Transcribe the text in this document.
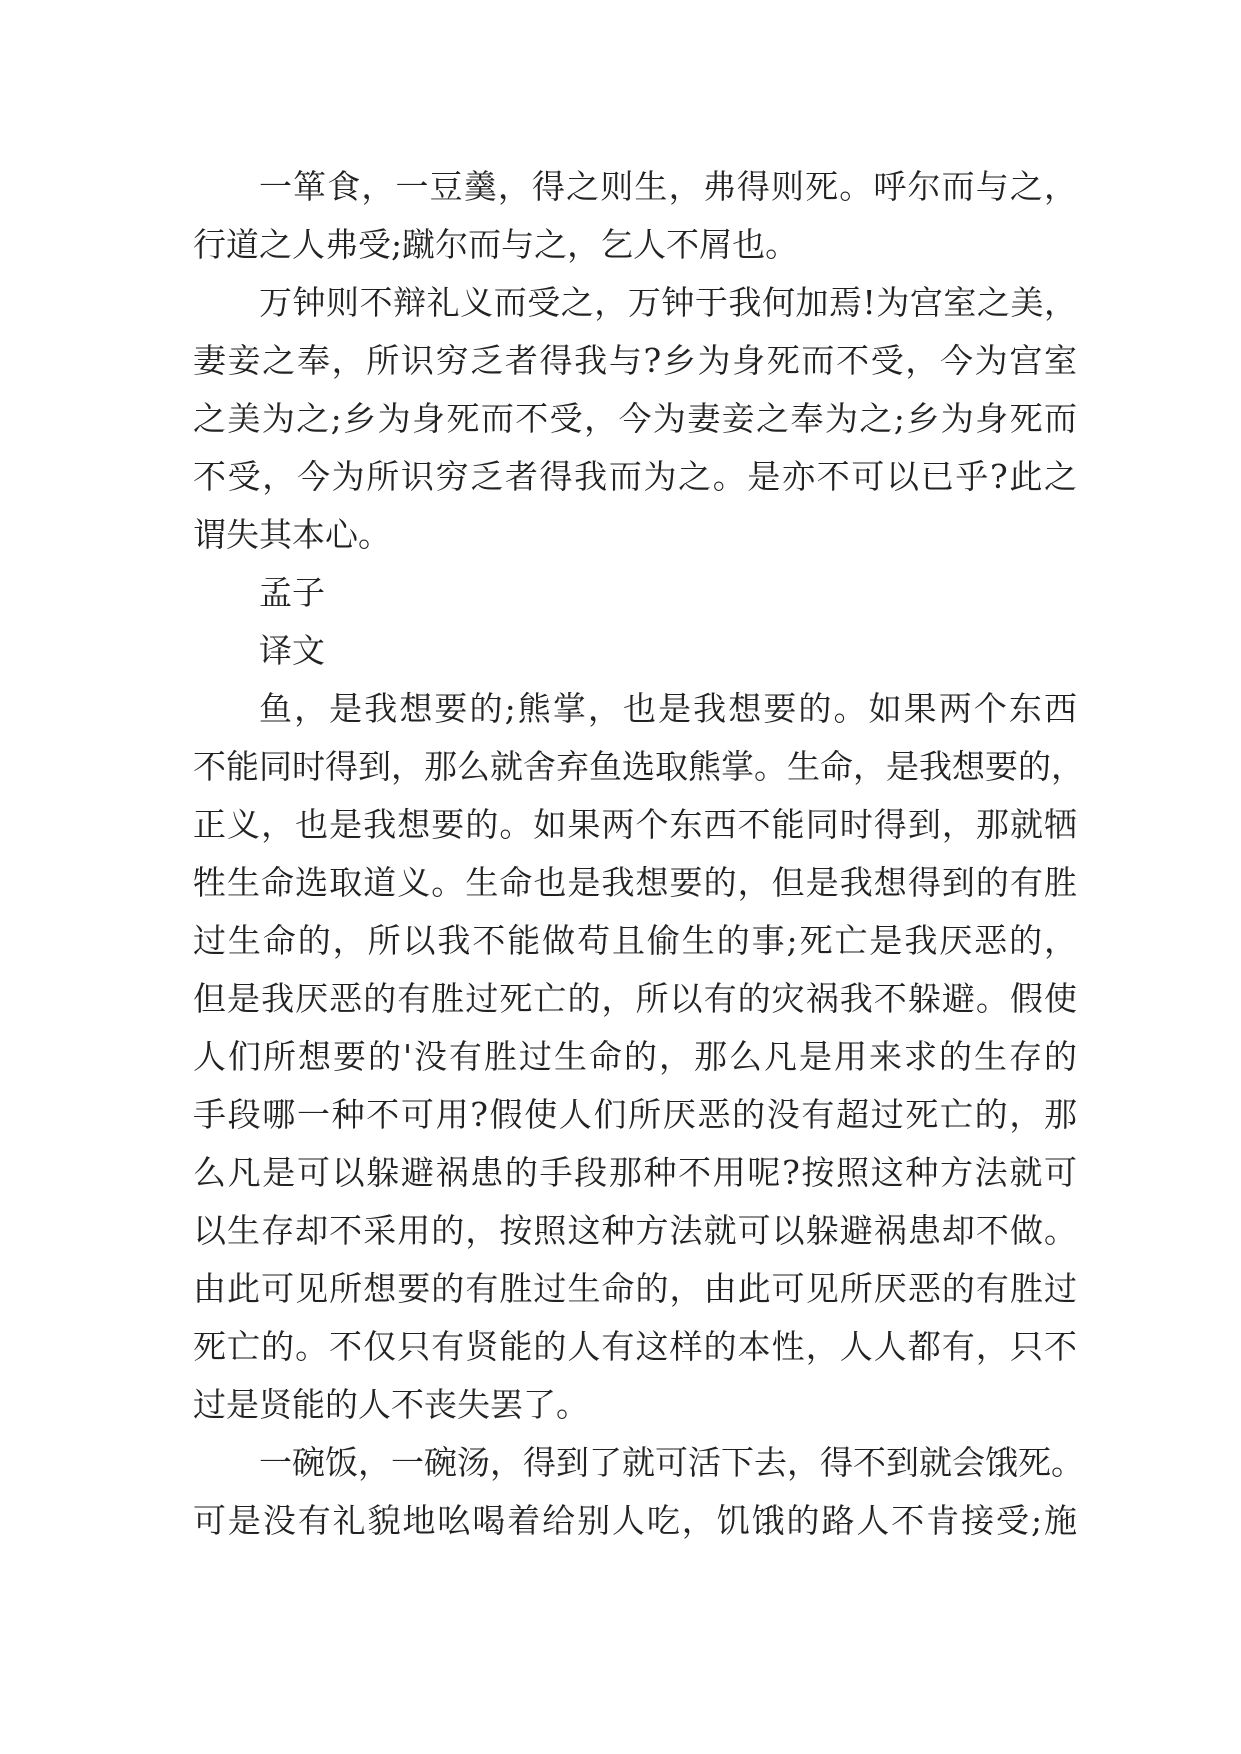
一箪食，一豆羹，得之则生，弗得则死。呼尔而与之，
行道之人弗受;蹴尔而与之，乞人不屑也。
万钟则不辩礼义而受之，万钟于我何加焉!为宫室之美，
妻妾之奉，所识穷乏者得我与?乡为身死而不受，今为宫室
之美为之;乡为身死而不受，今为妻妾之奉为之;乡为身死而
不受，今为所识穷乏者得我而为之。是亦不可以已乎?此之
谓失其本心。
孟子
译文
鱼，是我想要的;熊掌，也是我想要的。如果两个东西
不能同时得到，那么就舍弃鱼选取熊掌。生命，是我想要的，
正义，也是我想要的。如果两个东西不能同时得到，那就牺
牲生命选取道义。生命也是我想要的，但是我想得到的有胜
过生命的，所以我不能做苟且偷生的事;死亡是我厌恶的，
但是我厌恶的有胜过死亡的，所以有的灾祸我不躲避。假使
人们所想要的'没有胜过生命的，那么凡是用来求的生存的
手段哪一种不可用?假使人们所厌恶的没有超过死亡的，那
么凡是可以躲避祸患的手段那种不用呢?按照这种方法就可
以生存却不采用的，按照这种方法就可以躲避祸患却不做。
由此可见所想要的有胜过生命的，由此可见所厌恶的有胜过
死亡的。不仅只有贤能的人有这样的本性，人人都有，只不
过是贤能的人不丧失罢了。
一碗饭，一碗汤，得到了就可活下去，得不到就会饿死。
可是没有礼貌地吆喝着给别人吃，饥饿的路人不肯接受;施
